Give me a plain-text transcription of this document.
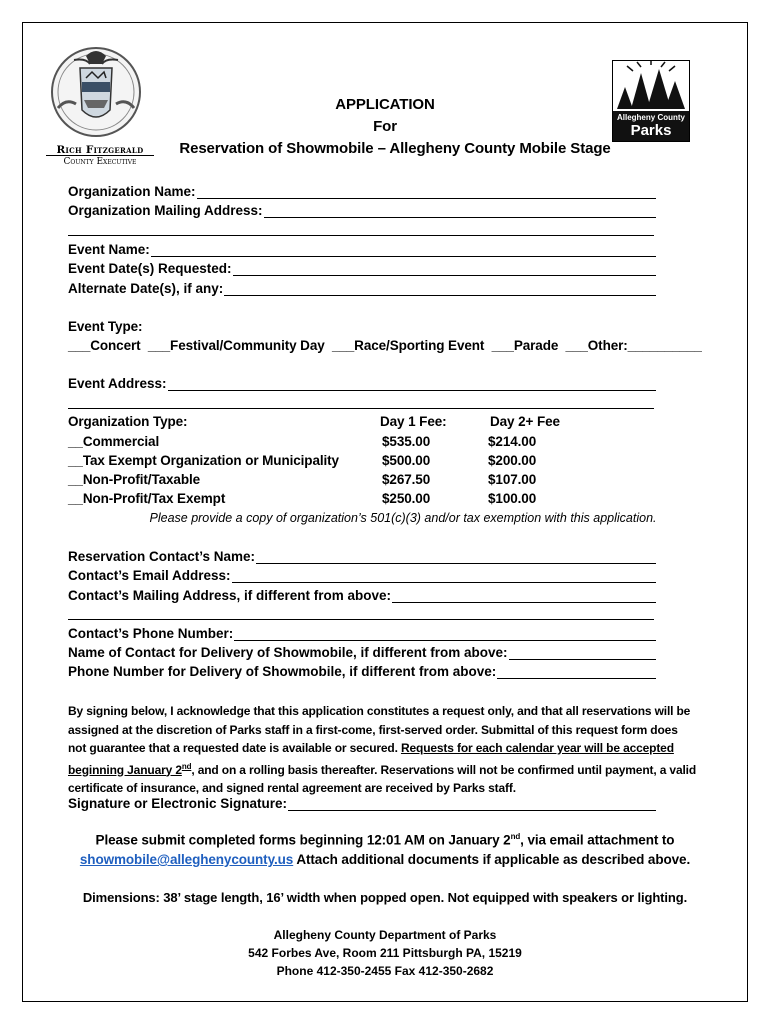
Rich Fitzgerald
County Executive
Allegheny County
Parks
APPLICATION
For
Reservation of Showmobile – Allegheny County Mobile Stage
Organization Name:
Organization Mailing Address:
Event Name:
Event Date(s) Requested:
Alternate Date(s), if any:
Event Type:
___Concert  ___Festival/Community Day  ___Race/Sporting Event  ___Parade  ___Other:__________
Event Address:
Organization Type:	Day 1 Fee:	Day 2+ Fee
__Commercial	$535.00	$214.00
__Tax Exempt Organization or Municipality	$500.00	$200.00
__Non-Profit/Taxable	$267.50	$107.00
__Non-Profit/Tax Exempt	$250.00	$100.00
Please provide a copy of organization’s 501(c)(3) and/or tax exemption with this application.
Reservation Contact’s Name:
Contact’s Email Address:
Contact’s Mailing Address, if different from above:
Contact’s Phone Number:
Name of Contact for Delivery of Showmobile, if different from above:
Phone Number for Delivery of Showmobile, if different from above:
By signing below, I acknowledge that this application constitutes a request only, and that all reservations will be assigned at the discretion of Parks staff in a first-come, first-served order. Submittal of this request form does not guarantee that a requested date is available or secured. Requests for each calendar year will be accepted beginning January 2nd, and on a rolling basis thereafter. Reservations will not be confirmed until payment, a valid certificate of insurance, and signed rental agreement are received by Parks staff.
Signature or Electronic Signature:
Please submit completed forms beginning 12:01 AM on January 2nd, via email attachment to
showmobile@alleghenycounty.us Attach additional documents if applicable as described above.
Dimensions: 38’ stage length, 16’ width when popped open. Not equipped with speakers or lighting.
Allegheny County Department of Parks
542 Forbes Ave, Room 211 Pittsburgh PA, 15219
Phone 412-350-2455 Fax 412-350-2682
